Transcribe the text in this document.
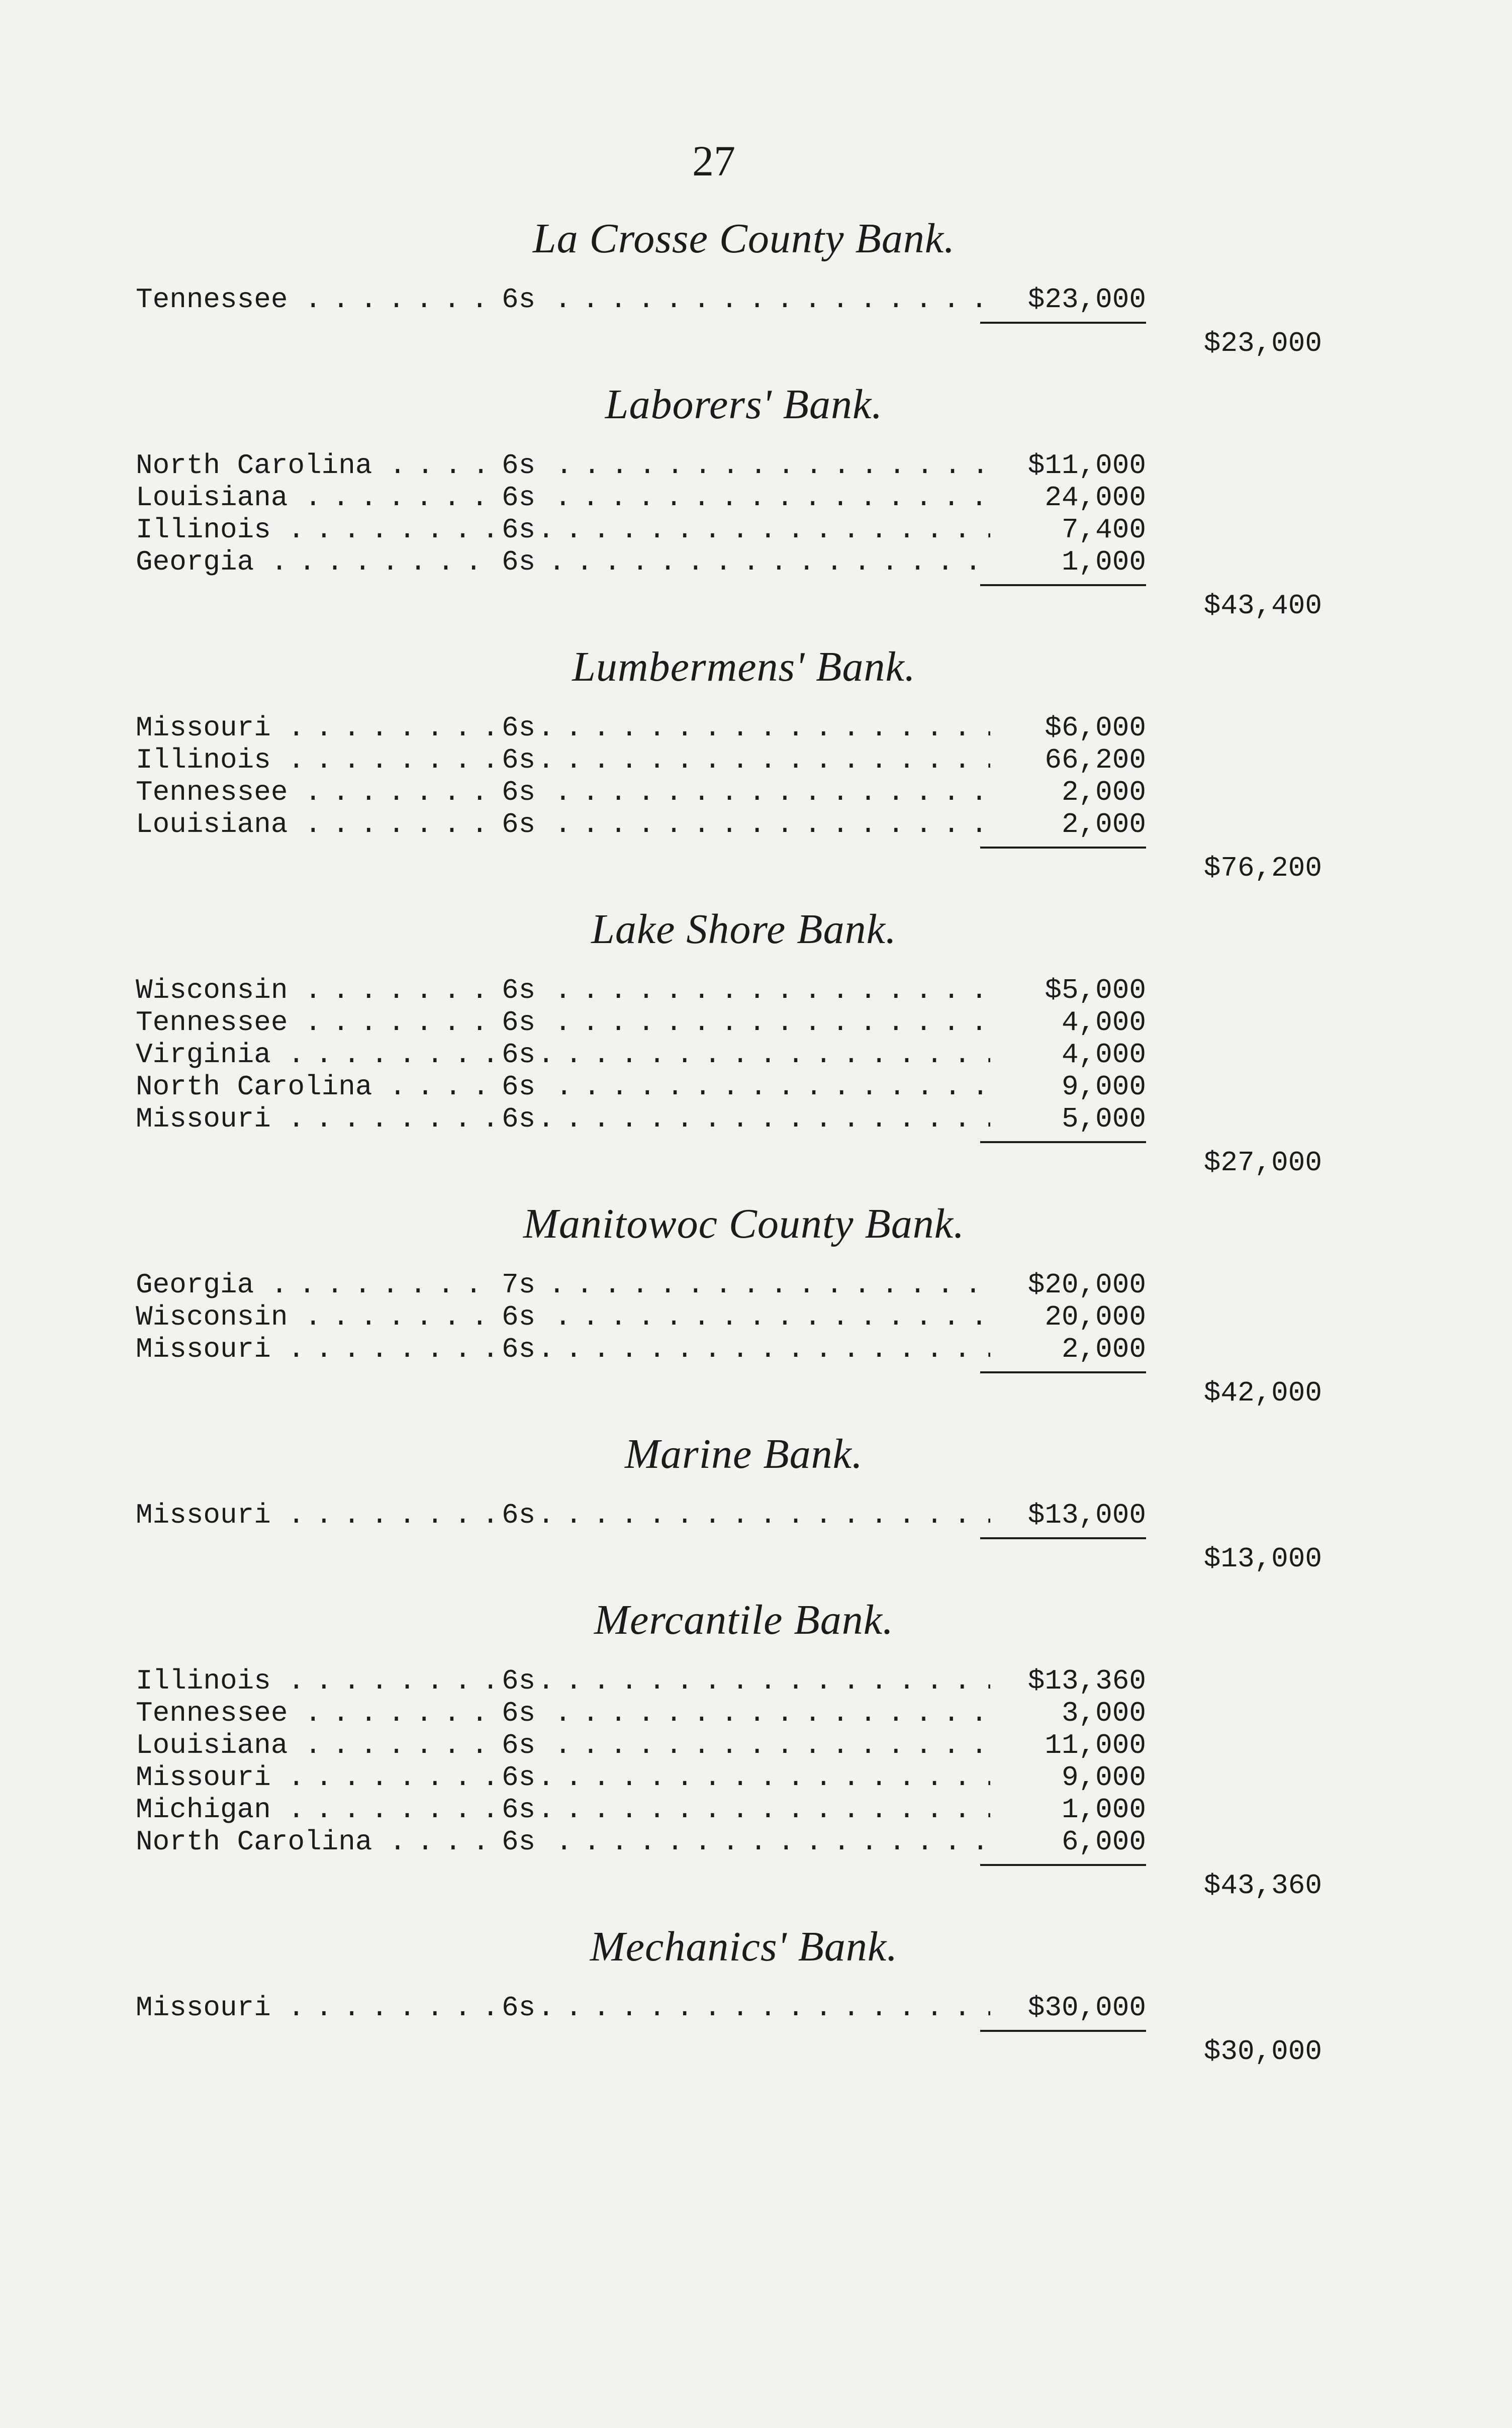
27
La Crosse County Bank.
Tennessee . . .	6s	$23,000
$23,000
Laborers' Bank.
North Carolina . . .	6s	$11,000
Louisiana . . .	6s	24,000
Illinois . . .	6s	7,400
Georgia . . .	6s	1,000
$43,400
Lumbermens' Bank.
Missouri . . .	6s	$6,000
Illinois . . .	6s	66,200
Tennessee . . .	6s	2,000
Louisiana . . .	6s	2,000
$76,200
Lake Shore Bank.
Wisconsin . . .	6s	$5,000
Tennessee . . .	6s	4,000
Virginia . . .	6s	4,000
North Carolina . . .	6s	9,000
Missouri . . .	6s	5,000
$27,000
Manitowoc County Bank.
Georgia . . .	7s	$20,000
Wisconsin . . .	6s	20,000
Missouri . . .	6s	2,000
$42,000
Marine Bank.
Missouri . . .	6s	$13,000
$13,000
Mercantile Bank.
Illinois . . .	6s	$13,360
Tennessee . . .	6s	3,000
Louisiana . . .	6s	11,000
Missouri . . .	6s	9,000
Michigan . . .	6s	1,000
North Carolina . . .	6s	6,000
$43,360
Mechanics' Bank.
Missouri . . .	6s	$30,000
$30,000
